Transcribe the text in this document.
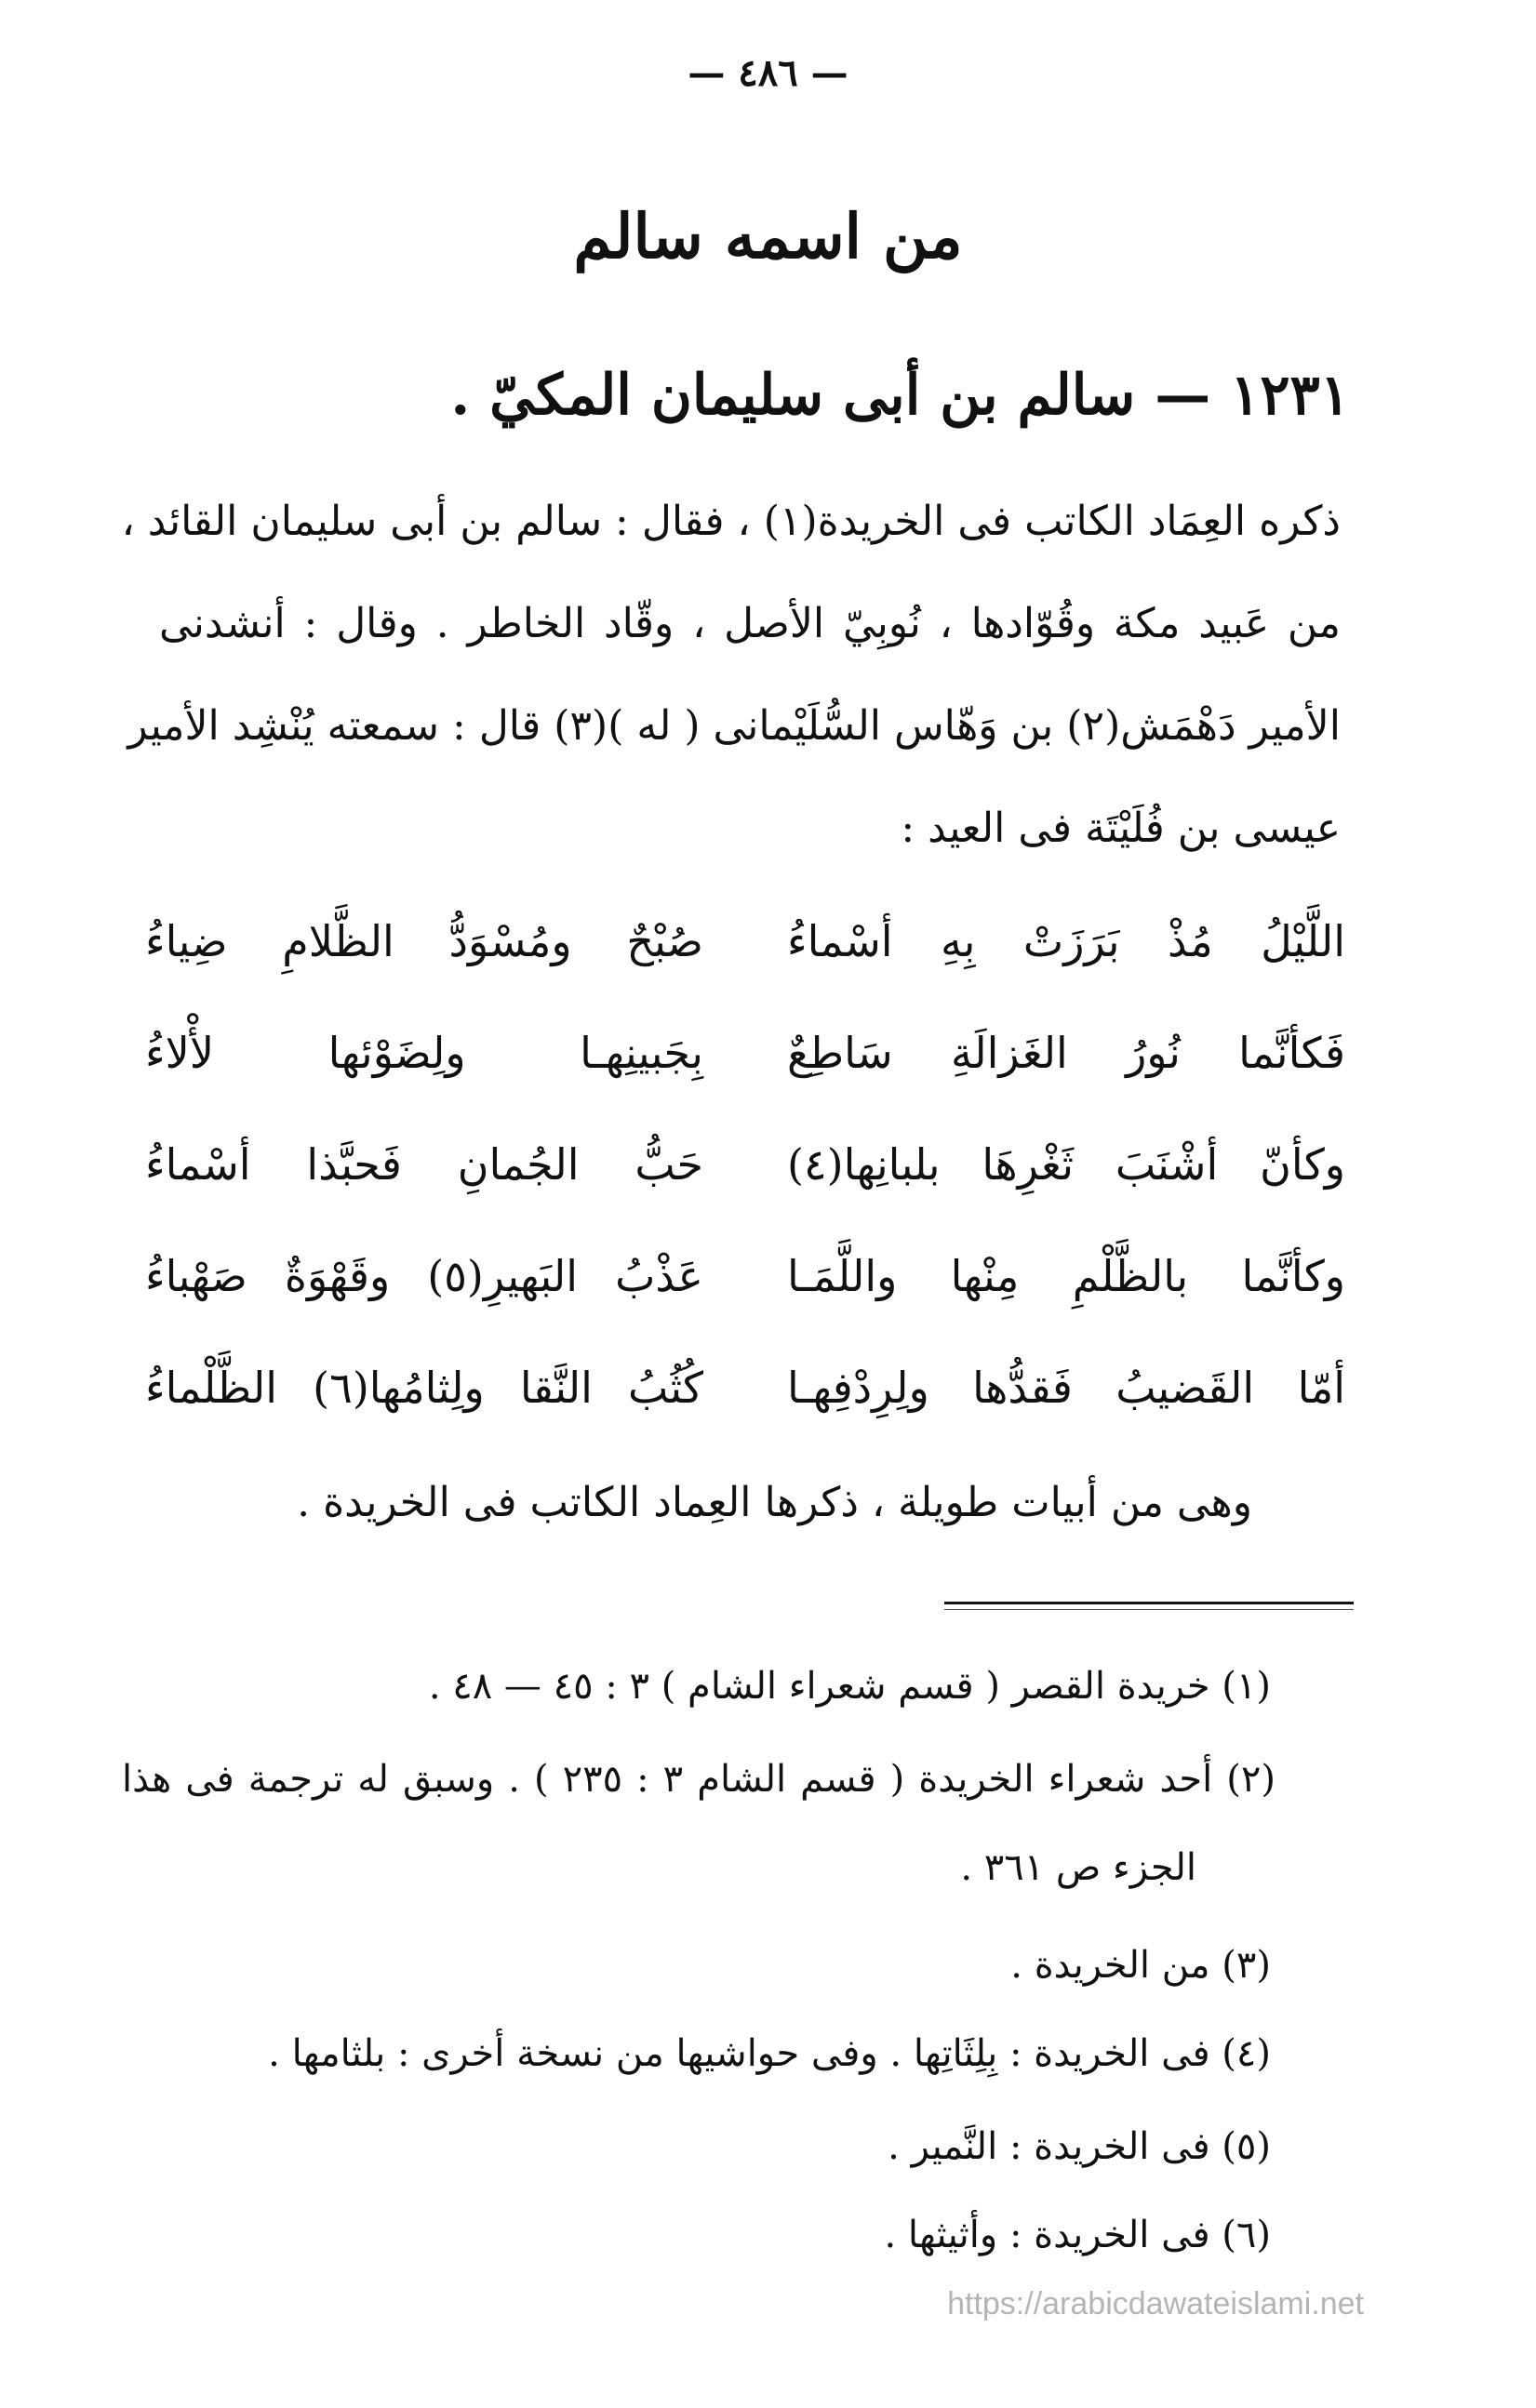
— ٤٨٦ —
من اسمه سالم
١٢٣١ — سالم بن أبى سليمان المكيّ .
ذكره العِمَاد الكاتب فى الخريدة(١) ، فقال : سالم بن أبى سليمان القائد ،
من عَبيد مكة وقُوّادها ، نُوبِيّ الأصل ، وقّاد الخاطر . وقال : أنشدنى
الأمير دَهْمَش(٢) بن وَهّاس السُّلَيْمانى ( له )(٣) قال : سمعته يُنْشِد الأمير
عيسى بن فُلَيْتَة فى العيد :
اللَّيْلُ مُذْ بَرَزَتْ بِهِ أسْماءُ
صُبْحٌ ومُسْوَدُّ الظَّلامِ ضِياءُ
فَكأنَّما نُورُ الغَزالَةِ سَاطِعٌ
بِجَبينِهـا ولِضَوْئها لأْلاءُ
وكأنّ أشْنَبَ ثَغْرِهَا بلبانِها(٤)
حَبُّ الجُمانِ فَحبَّذا أسْماءُ
وكأنَّما بالظَّلْمِ مِنْها واللَّمَـا
عَذْبُ البَهيرِ(٥) وقَهْوَةٌ صَهْباءُ
أمّا القَضيبُ فَقدُّها ولِرِدْفِهـا
كُثُبُ النَّقا ولِثامُها(٦) الظَّلْماءُ
وهى من أبيات طويلة ، ذكرها العِماد الكاتب فى الخريدة .
(١) خريدة القصر ( قسم شعراء الشام ) ٣ : ٤٥ — ٤٨ .
(٢) أحد شعراء الخريدة ( قسم الشام ٣ : ٢٣٥ ) . وسبق له ترجمة فى هذا
الجزء ص ٣٦١ .
(٣) من الخريدة .
(٤) فى الخريدة : بِلِثَاتِها . وفى حواشيها من نسخة أخرى : بلثامها .
(٥) فى الخريدة : النَّمير .
(٦) فى الخريدة : وأثيثها .
https://arabicdawateislami.net
